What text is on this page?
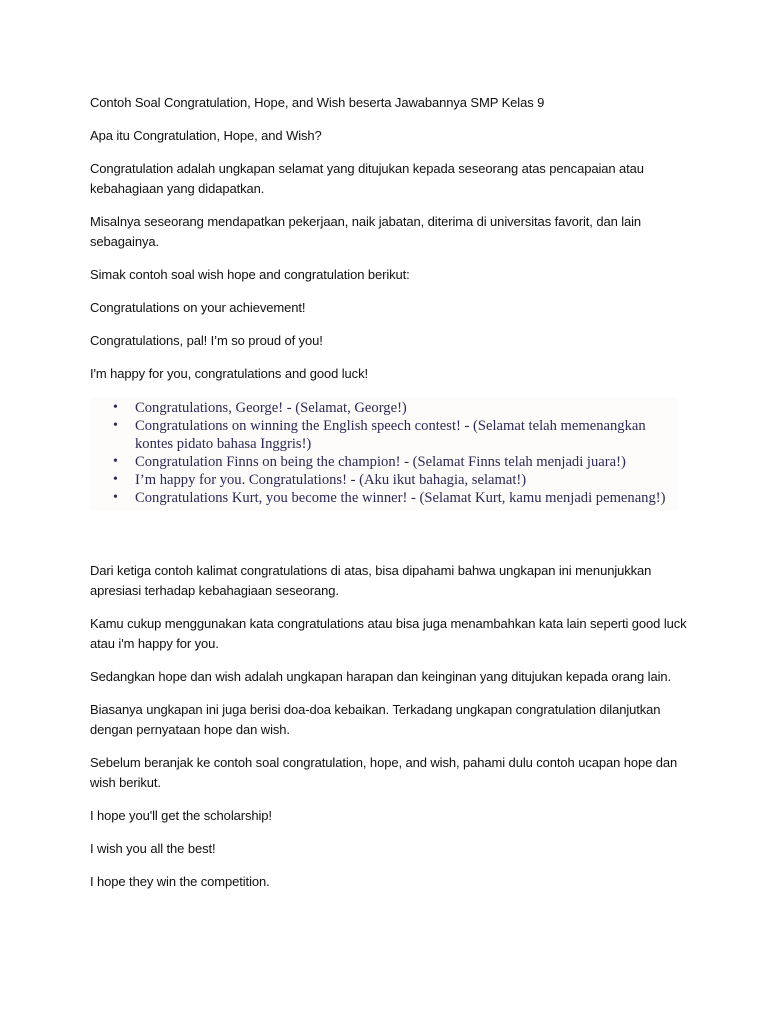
Contoh Soal Congratulation, Hope, and Wish beserta Jawabannya SMP Kelas 9

Apa itu Congratulation, Hope, and Wish?

Congratulation adalah ungkapan selamat yang ditujukan kepada seseorang atas pencapaian atau kebahagiaan yang didapatkan.

Misalnya seseorang mendapatkan pekerjaan, naik jabatan, diterima di universitas favorit, dan lain sebagainya.

Simak contoh soal wish hope and congratulation berikut:

Congratulations on your achievement!

Congratulations, pal! I’m so proud of you!

I'm happy for you, congratulations and good luck!

• Congratulations, George! - (Selamat, George!)
• Congratulations on winning the English speech contest! - (Selamat telah memenangkan kontes pidato bahasa Inggris!)
• Congratulation Finns on being the champion! - (Selamat Finns telah menjadi juara!)
• I’m happy for you. Congratulations! - (Aku ikut bahagia, selamat!)
• Congratulations Kurt, you become the winner! - (Selamat Kurt, kamu menjadi pemenang!)

Dari ketiga contoh kalimat congratulations di atas, bisa dipahami bahwa ungkapan ini menunjukkan apresiasi terhadap kebahagiaan seseorang.

Kamu cukup menggunakan kata congratulations atau bisa juga menambahkan kata lain seperti good luck atau i'm happy for you.

Sedangkan hope dan wish adalah ungkapan harapan dan keinginan yang ditujukan kepada orang lain.

Biasanya ungkapan ini juga berisi doa-doa kebaikan. Terkadang ungkapan congratulation dilanjutkan dengan pernyataan hope dan wish.

Sebelum beranjak ke contoh soal congratulation, hope, and wish, pahami dulu contoh ucapan hope dan wish berikut.

I hope you'll get the scholarship!

I wish you all the best!

I hope they win the competition.
